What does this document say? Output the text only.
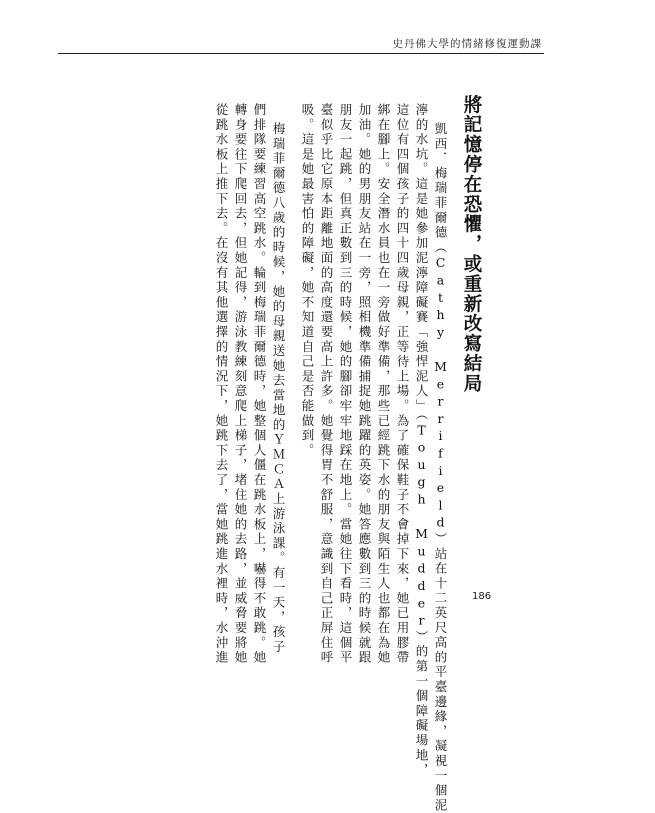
史丹佛大學的情緒修復運動課
將記憶停在恐懼，或重新改寫結局
凱西．梅瑞菲爾德（Cathy Merrifield）站在十二英尺高的平臺邊緣，凝視一個泥
濘的水坑。這是她參加泥濘障礙賽「強悍泥人」（Tough Mudder）的第一個障礙場地，
這位有四個孩子的四十四歲母親，正等待上場。為了確保鞋子不會掉下來，她已用膠帶
綁在腳上。安全潛水員也在一旁做好準備，那些已經跳下水的朋友與陌生人也都在為她
加油。她的男朋友站在一旁，照相機準備捕捉她跳躍的英姿。她答應數到三的時候就跟
朋友一起跳，但真正數到三的時候，她的腳卻牢牢地踩在地上。當她往下看時，這個平
臺似乎比它原本距離地面的高度還要高上許多。她覺得胃不舒服，意識到自己正屏住呼
吸。這是她最害怕的障礙，她不知道自己是否能做到。
梅瑞菲爾德八歲的時候，她的母親送她去當地的ＹＭＣＡ上游泳課。有一天，孩子
們排隊要練習高空跳水。輪到梅瑞菲爾德時，她整個人僵在跳水板上，嚇得不敢跳。她
轉身要往下爬回去，但她記得，游泳教練刻意爬上梯子，堵住她的去路，並威脅要將她
從跳水板上推下去。在沒有其他選擇的情況下，她跳下去了，當她跳進水裡時，水沖進	186
